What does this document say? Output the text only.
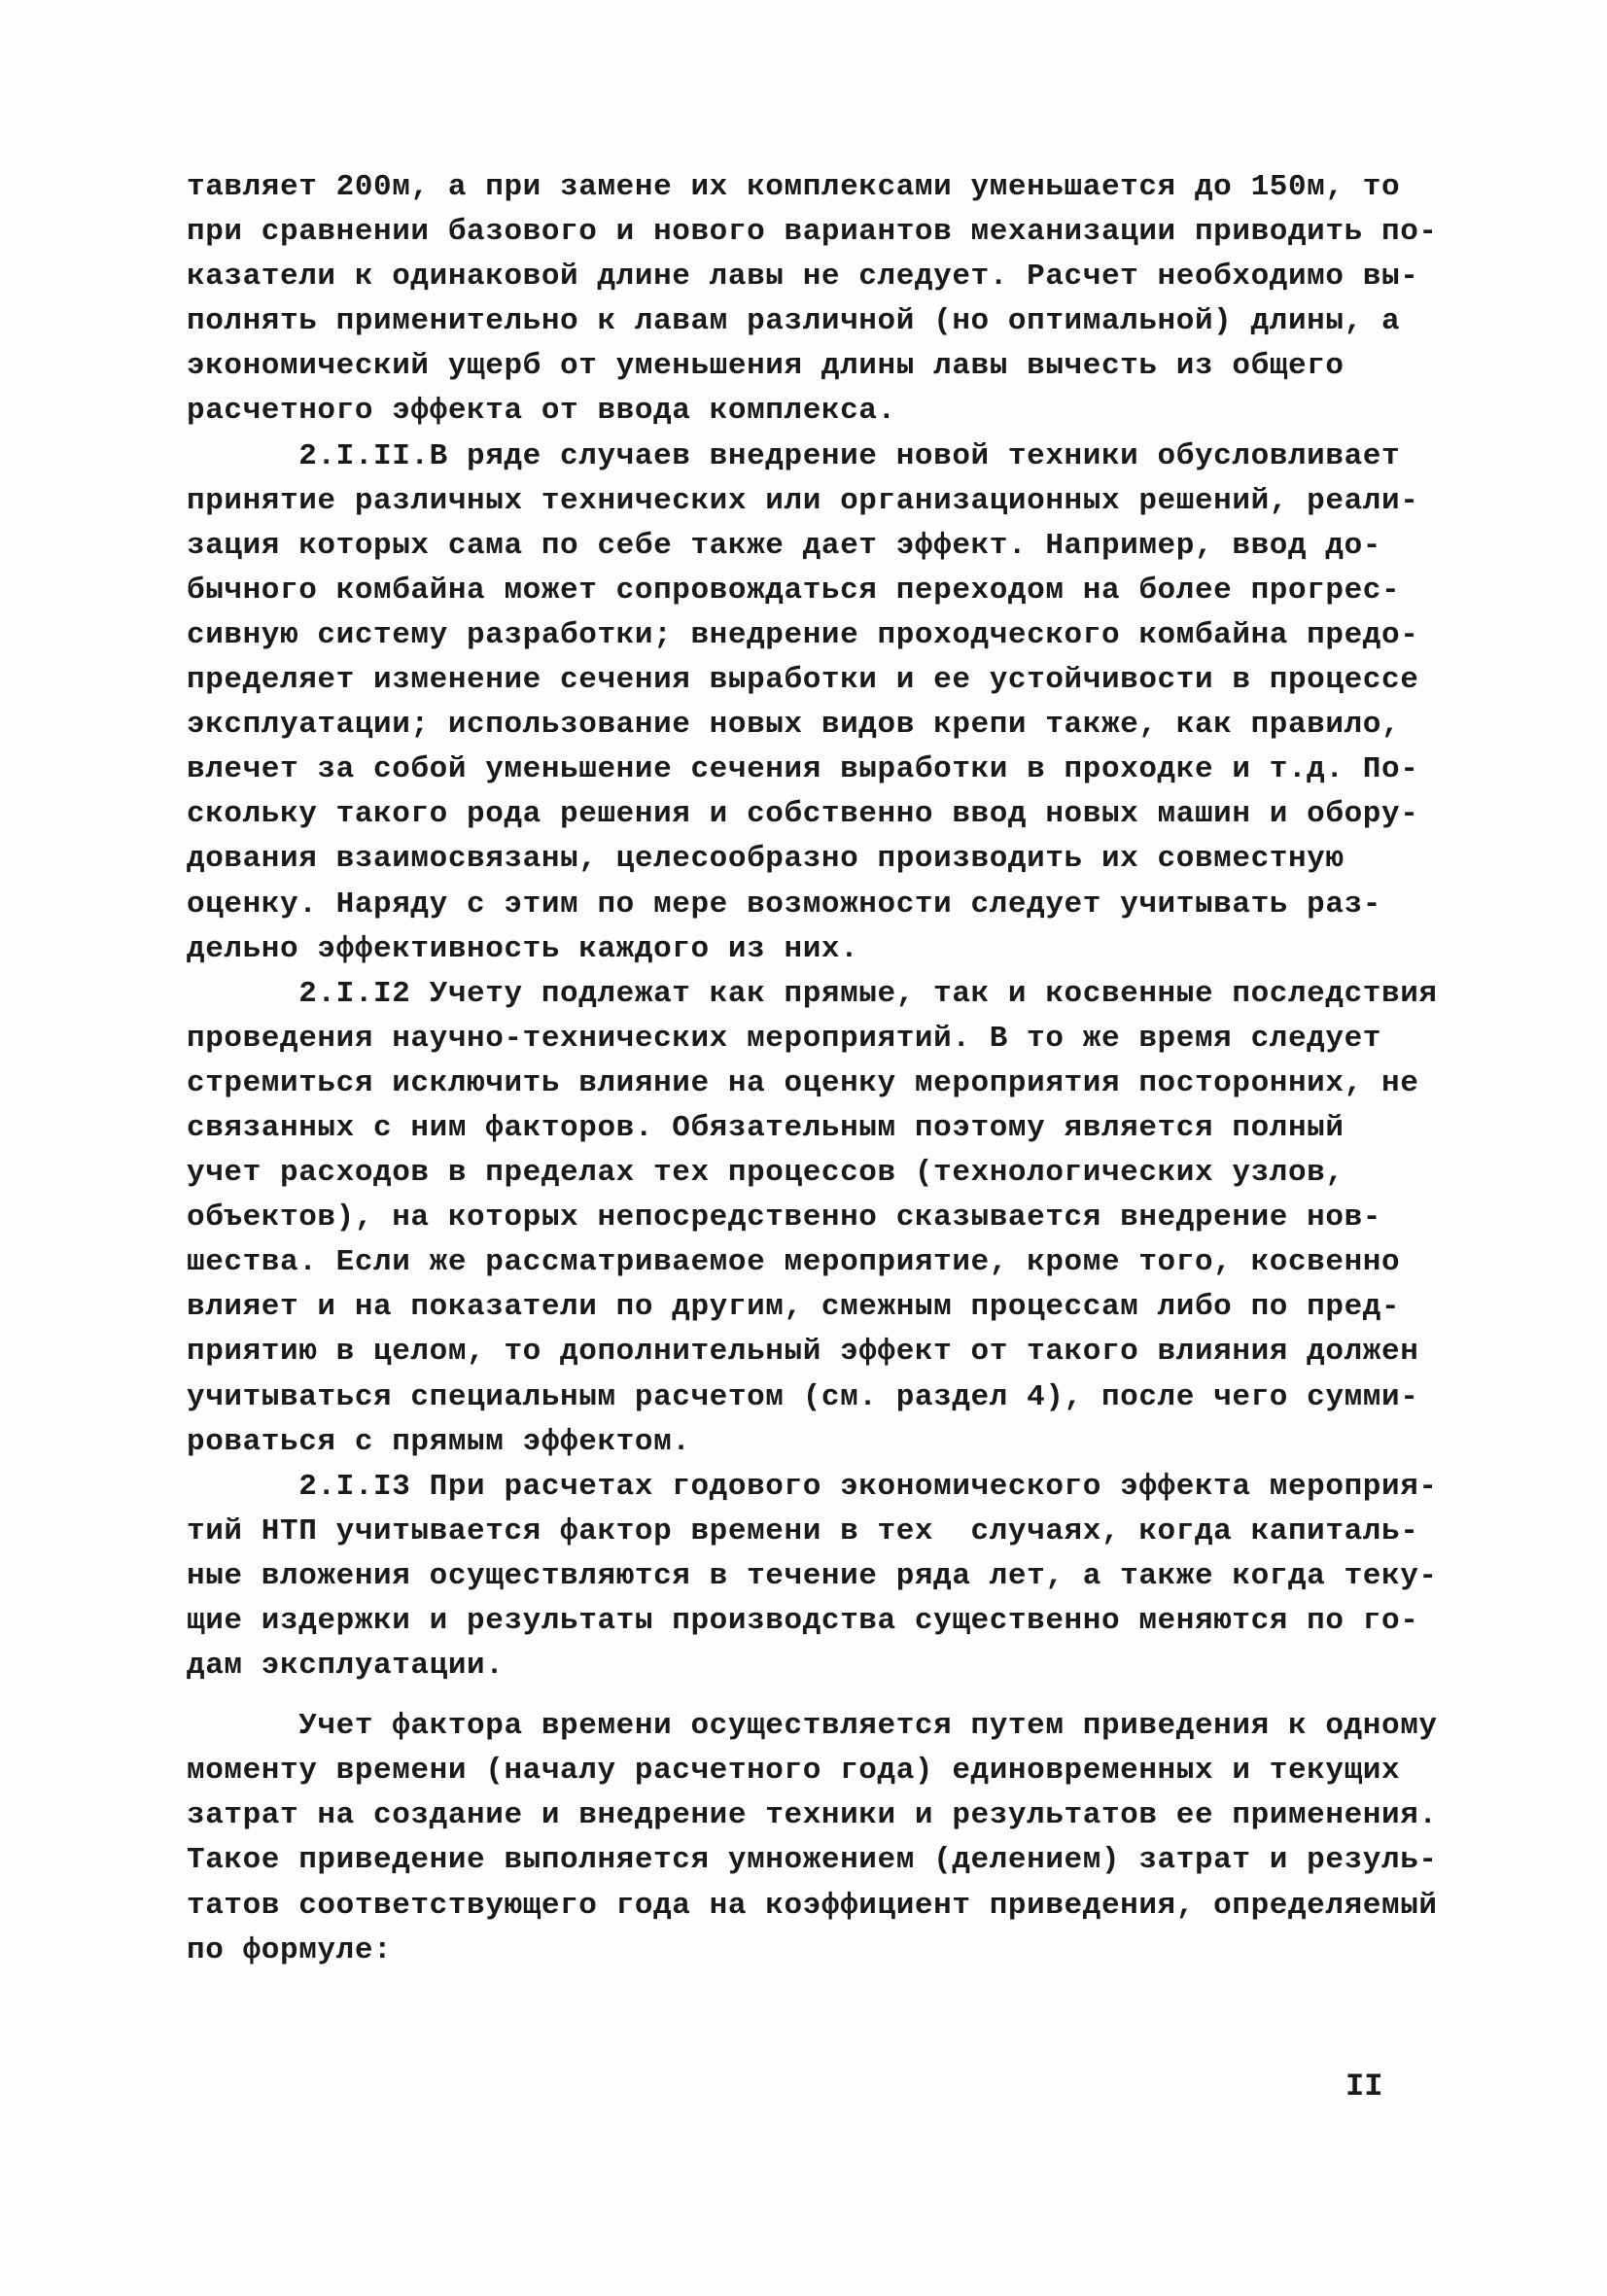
тавляет 200м, а при замене их комплексами уменьшается до 150м, то
при сравнении базового и нового вариантов механизации приводить по-
казатели к одинаковой длине лавы не следует. Расчет необходимо вы-
полнять применительно к лавам различной (но оптимальной) длины, а
экономический ущерб от уменьшения длины лавы вычесть из общего
расчетного эффекта от ввода комплекса.
2.I.II.В ряде случаев внедрение новой техники обусловливает
принятие различных технических или организационных решений, реали-
зация которых сама по себе также дает эффект. Например, ввод до-
бычного комбайна может сопровождаться переходом на более прогрес-
сивную систему разработки; внедрение проходческого комбайна предо-
пределяет изменение сечения выработки и ее устойчивости в процессе
эксплуатации; использование новых видов крепи также, как правило,
влечет за собой уменьшение сечения выработки в проходке и т.д. По-
скольку такого рода решения и собственно ввод новых машин и обору-
дования взаимосвязаны, целесообразно производить их совместную
оценку. Наряду с этим по мере возможности следует учитывать раз-
дельно эффективность каждого из них.
2.I.I2 Учету подлежат как прямые, так и косвенные последствия
проведения научно-технических мероприятий. В то же время следует
стремиться исключить влияние на оценку мероприятия посторонних, не
связанных с ним факторов. Обязательным поэтому является полный
учет расходов в пределах тех процессов (технологических узлов,
объектов), на которых непосредственно сказывается внедрение нов-
шества. Если же рассматриваемое мероприятие, кроме того, косвенно
влияет и на показатели по другим, смежным процессам либо по пред-
приятию в целом, то дополнительный эффект от такого влияния должен
учитываться специальным расчетом (см. раздел 4), после чего сумми-
роваться с прямым эффектом.
2.I.I3 При расчетах годового экономического эффекта мероприя-
тий НТП учитывается фактор времени в тех  случаях, когда капиталь-
ные вложения осуществляются в течение ряда лет, а также когда теку-
щие издержки и результаты производства существенно меняются по го-
дам эксплуатации.
Учет фактора времени осуществляется путем приведения к одному
моменту времени (началу расчетного года) единовременных и текущих
затрат на создание и внедрение техники и результатов ее применения.
Такое приведение выполняется умножением (делением) затрат и резуль-
татов соответствующего года на коэффициент приведения, определяемый
по формуле:
II
